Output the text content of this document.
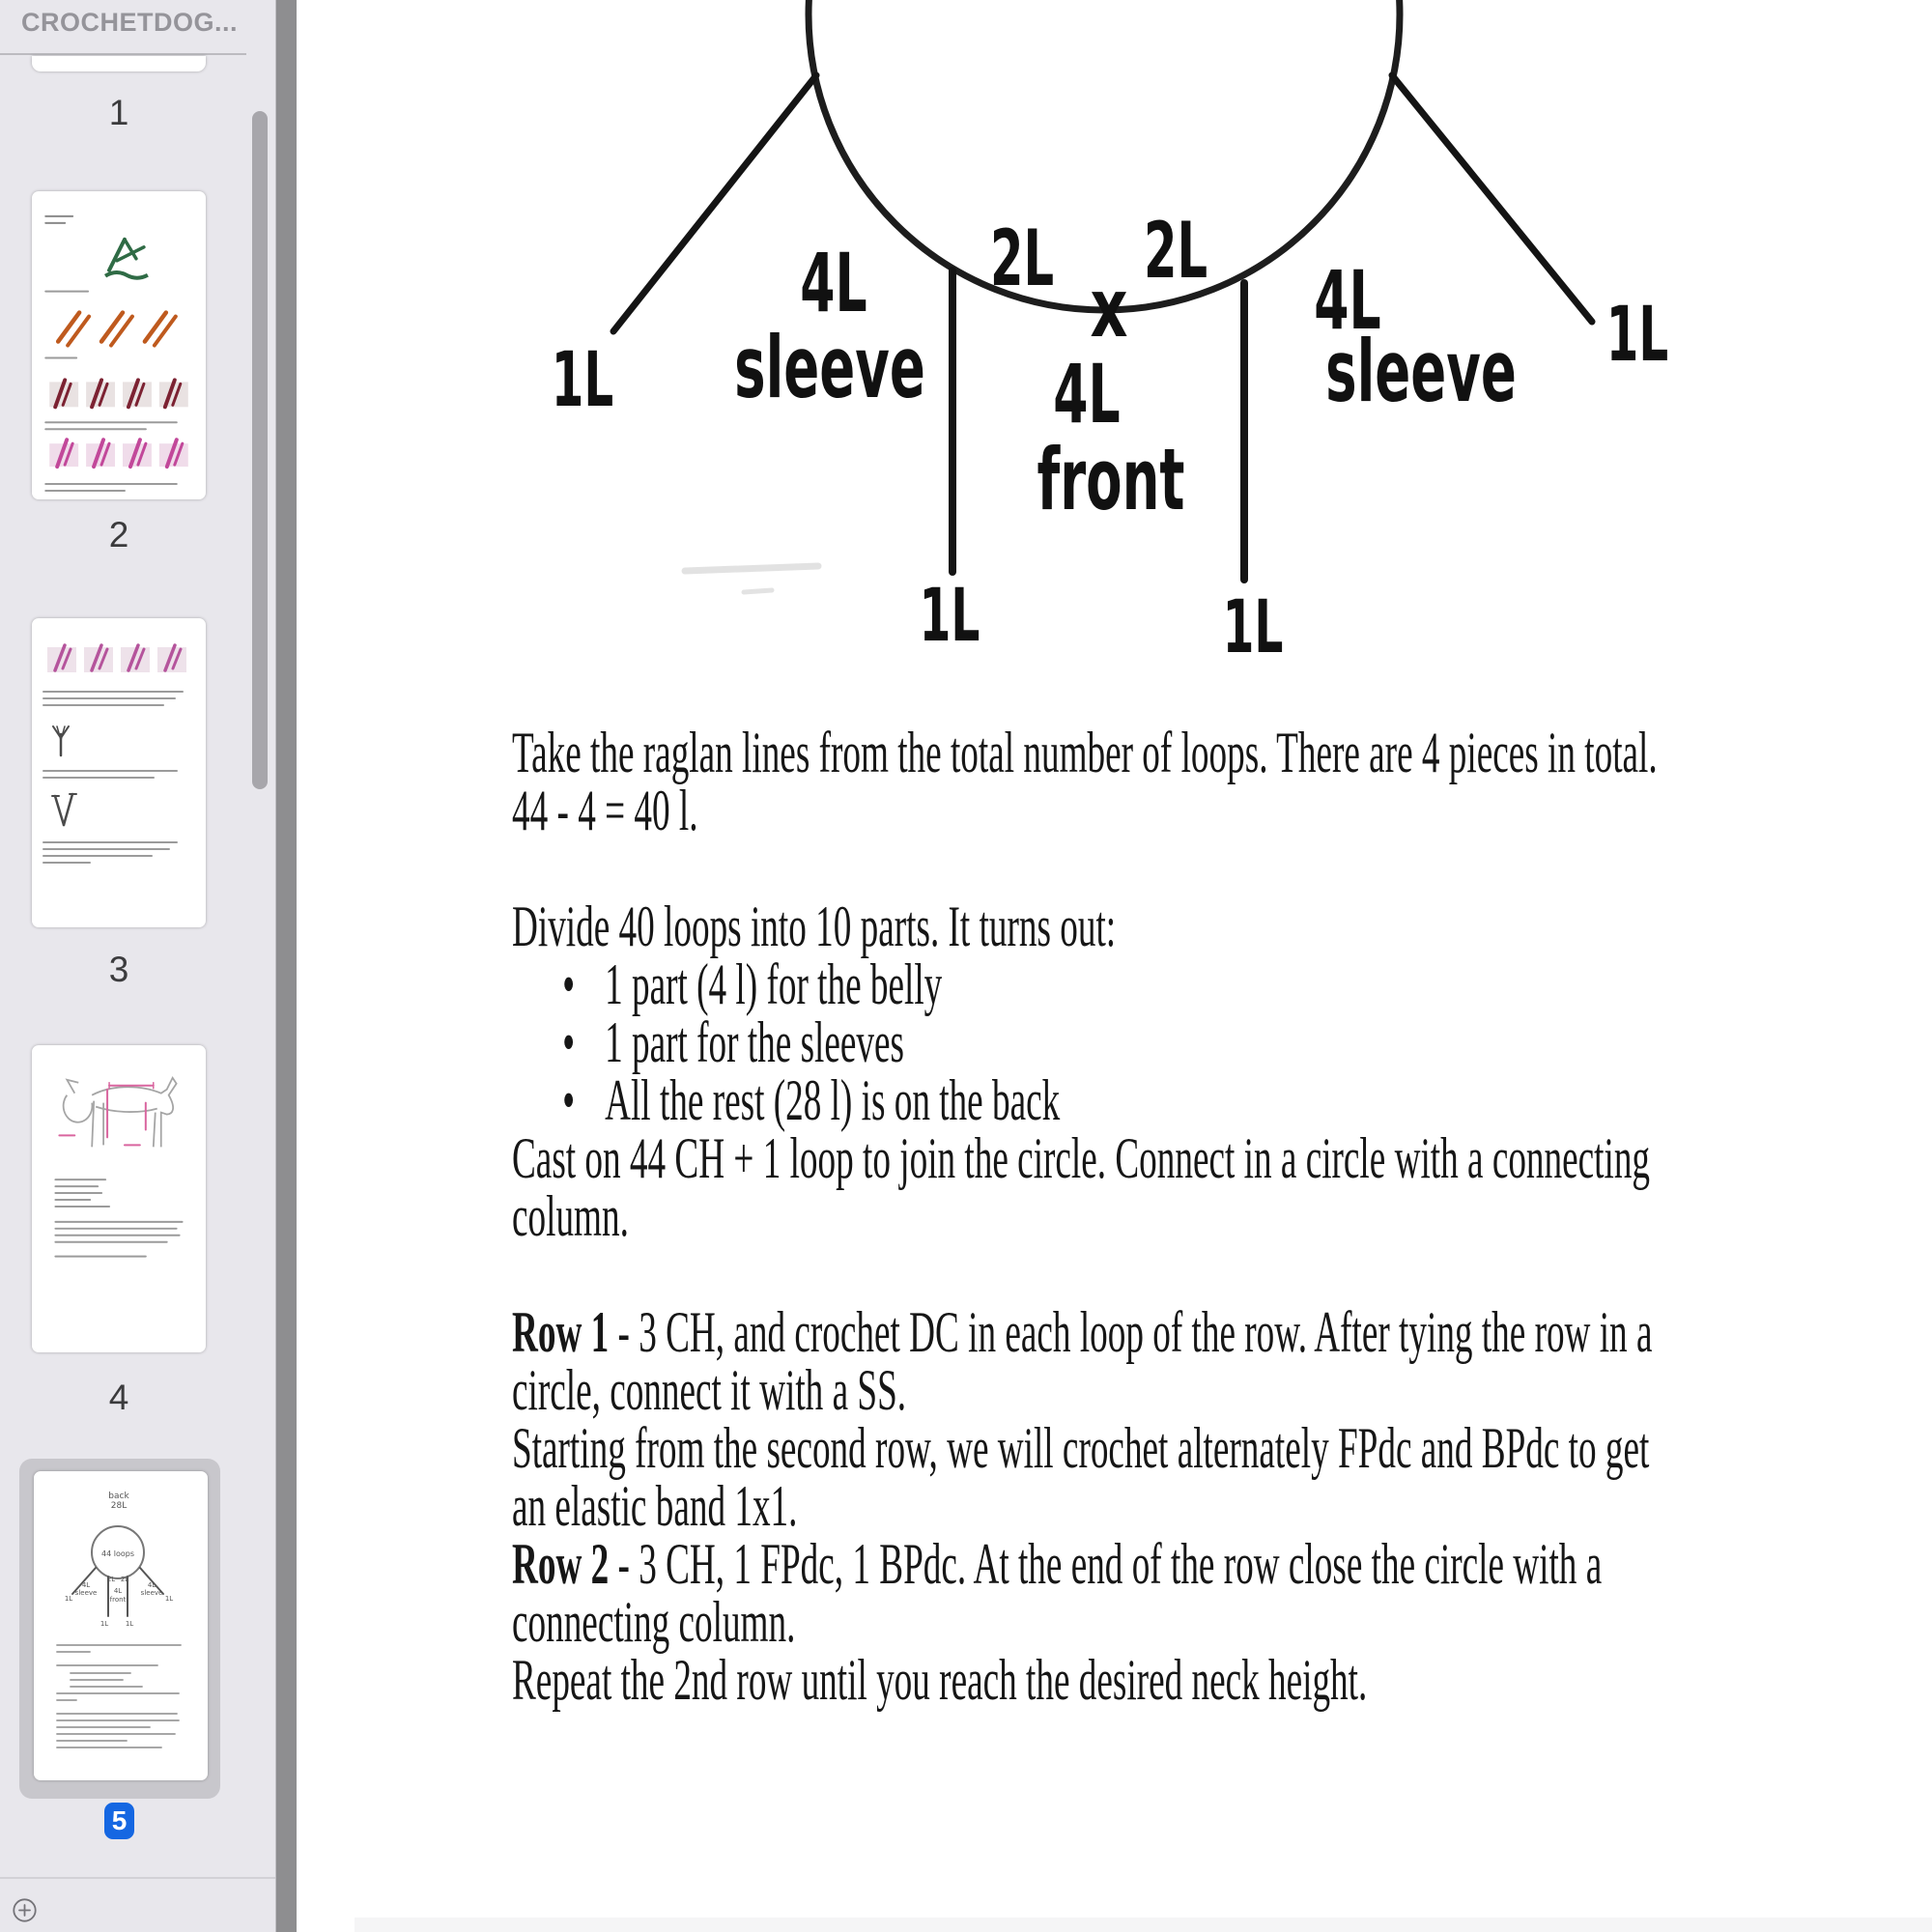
CROCHETDOG...
1
2
3
4
back
28L
44 loops
4L
sleeve
2L 2L
4L
front
4L
sleeve
1L	1L
1L	1L
5
x
1L
4L
sleeve
2L 2L
4L
front
4L
sleeve
1L	1L
1L
Take the raglan lines from the total number of loops. There are 4 pieces in total.
44 - 4 = 40 l.
Divide 40 loops into 10 parts. It turns out:
• 1 part (4 l) for the belly
• 1 part for the sleeves
• All the rest (28 l) is on the back
Cast on 44 CH + 1 loop to join the circle. Connect in a circle with a connecting
column.
Row 1 - 3 CH, and crochet DC in each loop of the row. After tying the row in a
circle, connect it with a SS.
Starting from the second row, we will crochet alternately FPdc and BPdc to get
an elastic band 1x1.
Row 2 - 3 CH, 1 FPdc, 1 BPdc. At the end of the row close the circle with a
connecting column.
Repeat the 2nd row until you reach the desired neck height.
